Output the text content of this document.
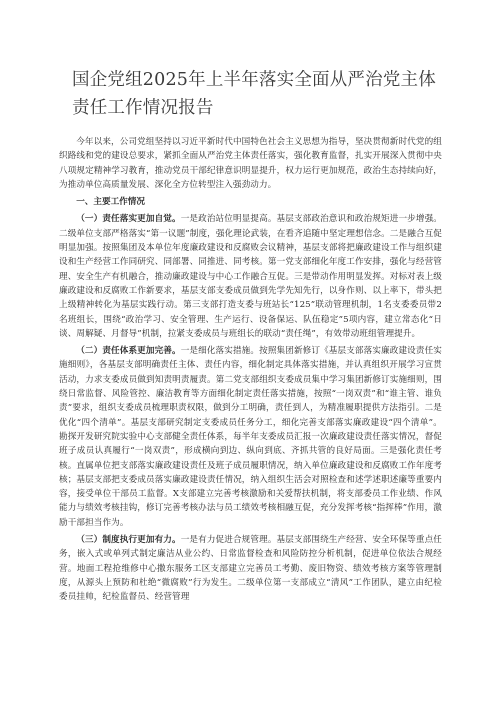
国企党组2025年上半年落实全面从严治党主体责任工作情况报告

今年以来，公司党组坚持以习近平新时代中国特色社会主义思想为指导，坚决贯彻新时代党的组织路线和党的建设总要求，紧抓全面从严治党主体责任落实，强化教育监督，扎实开展深入贯彻中央八项规定精神学习教育，推动党员干部纪律意识明显提升，权力运行更加规范，政治生态持续向好，为推动单位高质量发展、深化全方位转型注入强劲动力。

一、主要工作情况

（一）责任落实更加自觉。一是政治站位明显提高。基层支部政治意识和政治规矩进一步增强。二级单位支部严格落实“第一议题”制度，强化理论武装，在看齐追随中坚定理想信念。二是融合互促明显加强。按照集团及本单位年度廉政建设和反腐败会议精神，基层支部将把廉政建设工作与组织建设和生产经营工作同研究、同部署、同推进、同考核。第一党支部细化年度工作安排，强化与经营管理、安全生产有机融合，推动廉政建设与中心工作融合互促。三是带动作用明显发挥。对标对表上级廉政建设和反腐败工作新要求，基层支部支委成员做到先学先知先行，以身作则、以上率下，带头把上级精神转化为基层实践行动。第三支部打造支委与班站长“125”联动管理机制，1名支委委员带2名班组长，围绕“政治学习、安全管理、生产运行、设备保运、队伍稳定”5项内容，建立常态化“日谈、周解疑、月督导”机制，拉紧支委成员与班组长的联动“责任绳”，有效带动班组管理提升。

（二）责任体系更加完善。一是细化落实措施。按照集团新修订《基层支部落实廉政建设责任实施细则》，各基层支部明确责任主体、责任内容，细化制定具体落实措施，并认真组织开展学习宣贯活动，力求支委成员做到知责明责履责。第二党支部组织支委成员集中学习集团新修订实施细则，围绕日常监督、风险管控、廉洁教育等方面细化制定责任落实措施，按照“一岗双责”和“谁主管、谁负责”要求，组织支委成员梳理职责权限，做到分工明确，责任到人，为精准履职提供方法指引。二是优化“四个清单”。基层支部研究制定支委成员任务分工，细化完善支部落实廉政建设“四个清单”。勘探开发研究院实验中心支部健全责任体系，每半年支委成员汇报一次廉政建设责任落实情况，督促班子成员认真履行“一岗双责”，形成横向到边、纵向到底、齐抓共管的良好局面。三是强化责任考核。直属单位把支部落实廉政建设责任及班子成员履职情况，纳入单位廉政建设和反腐败工作年度考核；基层支部把支委成员落实廉政建设责任情况，纳入组织生活会对照检查和述学述职述廉等重要内容，接受单位干部员工监督。X支部建立完善考核激励和关爱帮扶机制，将支部委员工作业绩、作风能力与绩效考核挂钩，修订完善考核办法与员工绩效考核相融互促，充分发挥考核“指挥棒”作用，激励干部担当作为。

（三）制度执行更加有力。一是有力促进合规管理。基层支部围绕生产经营、安全环保等重点任务，嵌入式或单列式制定廉洁从业公约、日常监督检查和风险防控分析机制，促进单位依法合规经营。地面工程抢维修中心撒东服务工区支部建立完善员工考勤、废旧物资、绩效考核方案等管理制度，从源头上预防和杜绝“微腐败”行为发生。二级单位第一支部成立“清风”工作团队，建立由纪检委员挂帅，纪检监督员、经营管理
